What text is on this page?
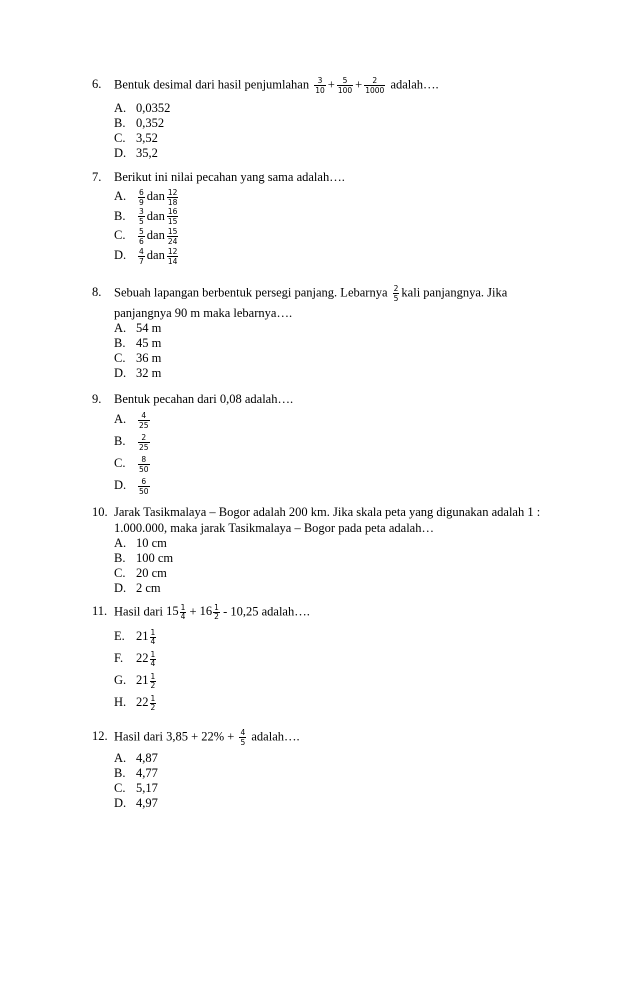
6. Bentuk desimal dari hasil penjumlahan $\frac{3}{10} + \frac{5}{100} + \frac{2}{1000}$ adalah….
A. 0,0352
B. 0,352
C. 3,52
D. 35,2
7. Berikut ini nilai pecahan yang sama adalah….
A. $\frac{6}{9}$ dan $\frac{12}{18}$
B. $\frac{3}{5}$ dan $\frac{16}{15}$
C. $\frac{5}{6}$ dan $\frac{15}{24}$
D. $\frac{4}{7}$ dan $\frac{12}{14}$
8. Sebuah lapangan berbentuk persegi panjang. Lebarnya $\frac{2}{5}$ kali panjangnya. Jika
panjangnya 90 m maka lebarnya….
A. 54 m
B. 45 m
C. 36 m
D. 32 m
9. Bentuk pecahan dari 0,08 adalah….
A. $\frac{4}{25}$
B. $\frac{2}{25}$
C. $\frac{8}{50}$
D. $\frac{6}{50}$
10. Jarak Tasikmalaya – Bogor adalah 200 km. Jika skala peta yang digunakan adalah 1 :
1.000.000, maka jarak Tasikmalaya – Bogor pada peta adalah…
A. 10 cm
B. 100 cm
C. 20 cm
D. 2 cm
11. Hasil dari $15 \frac{1}{4} + 16 \frac{1}{2} - 10,25$ adalah….
E. $21 \frac{1}{4}$
F. $22 \frac{1}{4}$
G. $21 \frac{1}{2}$
H. $22 \frac{1}{2}$
12. Hasil dari $3,85 + 22\% + \frac{4}{5}$ adalah….
A. 4,87
B. 4,77
C. 5,17
D. 4,97
